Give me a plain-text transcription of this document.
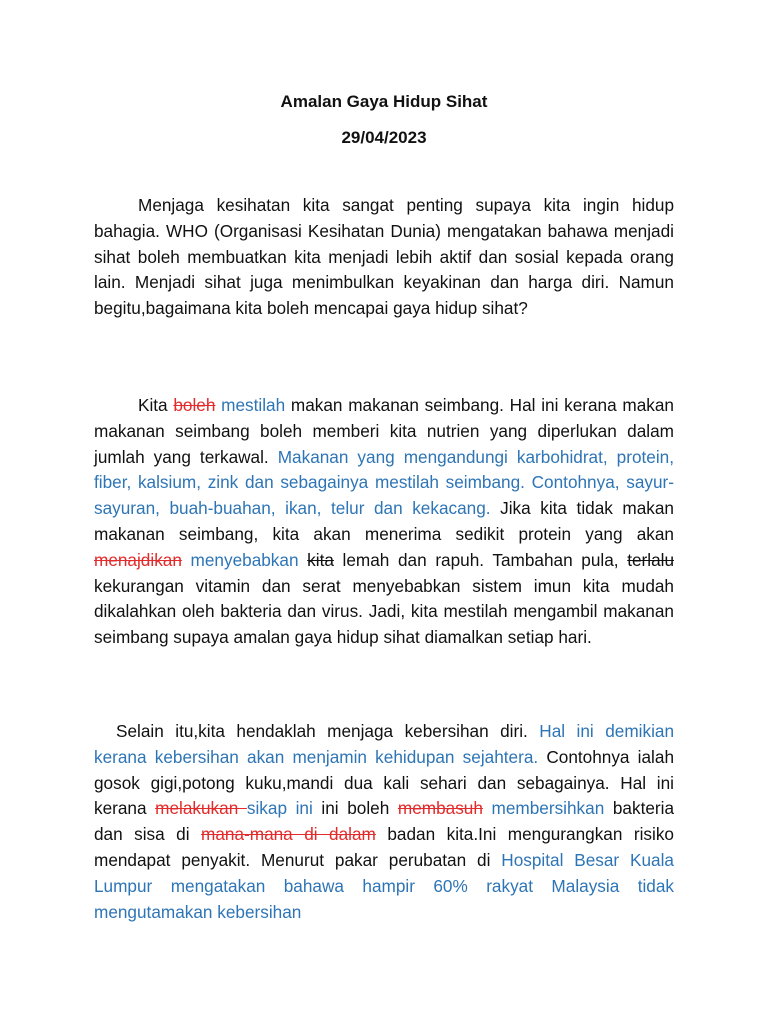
Amalan Gaya Hidup Sihat
29/04/2023
Menjaga kesihatan kita sangat penting supaya kita ingin hidup bahagia. WHO (Organisasi Kesihatan Dunia) mengatakan bahawa menjadi sihat boleh membuatkan kita menjadi lebih aktif dan sosial kepada orang lain. Menjadi sihat juga menimbulkan keyakinan dan harga diri. Namun begitu,bagaimana kita boleh mencapai gaya hidup sihat?
Kita boleh mestilah makan makanan seimbang. Hal ini kerana makan makanan seimbang boleh memberi kita nutrien yang diperlukan dalam jumlah yang terkawal. Makanan yang mengandungi karbohidrat, protein, fiber, kalsium, zink dan sebagainya mestilah seimbang. Contohnya, sayur-sayuran, buah-buahan, ikan, telur dan kekacang. Jika kita tidak makan makanan seimbang, kita akan menerima sedikit protein yang akan menajdikan menyebabkan kita lemah dan rapuh. Tambahan pula, terlalu kekurangan vitamin dan serat menyebabkan sistem imun kita mudah dikalahkan oleh bakteria dan virus. Jadi, kita mestilah mengambil makanan seimbang supaya amalan gaya hidup sihat diamalkan setiap hari.
Selain itu,kita hendaklah menjaga kebersihan diri. Hal ini demikian kerana kebersihan akan menjamin kehidupan sejahtera. Contohnya ialah gosok gigi,potong kuku,mandi dua kali sehari dan sebagainya. Hal ini kerana melakukan sikap ini ini boleh membasuh membersihkan bakteria dan sisa di mana-mana di dalam badan kita.Ini mengurangkan risiko mendapat penyakit. Menurut pakar perubatan di Hospital Besar Kuala Lumpur mengatakan bahawa hampir 60% rakyat Malaysia tidak mengutamakan kebersihan
